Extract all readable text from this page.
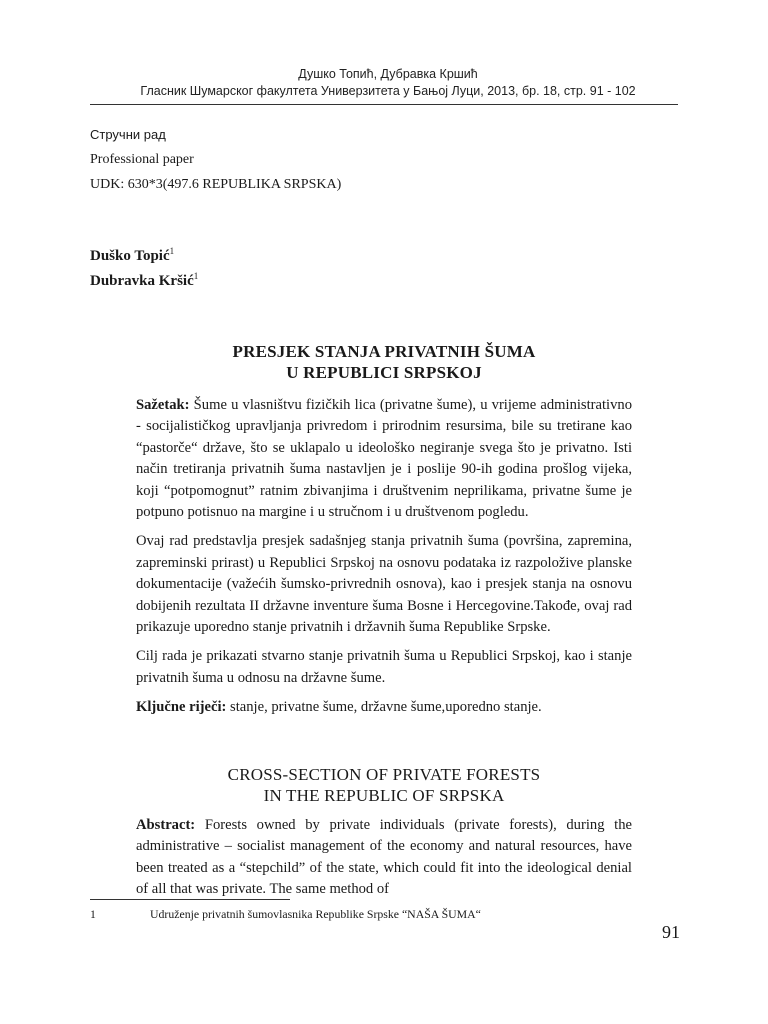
Душко Топић, Дубравка Кршић
Гласник Шумарског факултета Универзитета у Бањој Луци, 2013, бр. 18, стр. 91 - 102
Стручни рад
Professional paper
UDK: 630*3(497.6 REPUBLIKA SRPSKA)
Duško Topić$^1$
Dubravka Kršić$^1$
PRESJEK STANJA PRIVATNIH ŠUMA
U REPUBLICI SRPSKOJ

Sažetak: Šume u vlasništvu fizičkih lica (privatne šume), u vrijeme administrativno - socijalističkog upravljanja privredom i prirodnim resursima, bile su tretirane kao “pastorče“ države, što se uklapalo u ideološko negiranje svega što je privatno. Isti način tretiranja privatnih šuma nastavljen je i poslije 90-ih godina prošlog vijeka, koji “potpomognut” ratnim zbivanjima i društvenim neprilikama, privatne šume je potpuno potisnuo na margine i u stručnom i u društvenom pogledu.

Ovaj rad predstavlja presjek sadašnjeg stanja privatnih šuma (površina, zapremina, zapreminski prirast) u Republici Srpskoj na osnovu podataka iz razpoložive planske dokumentacije (važećih šumsko-privrednih osnova), kao i presjek stanja na osnovu dobijenih rezultata II državne inventure šuma Bosne i Hercegovine.Takođe, ovaj rad prikazuje uporedno stanje privatnih i državnih šuma Republike Srpske.

Cilj rada je prikazati stvarno stanje privatnih šuma u Republici Srpskoj, kao i stanje privatnih šuma u odnosu na državne šume.

Ključne riječi: stanje, privatne šume, državne šume,uporedno stanje.

CROSS-SECTION OF PRIVATE FORESTS
IN THE REPUBLIC OF SRPSKA

Abstract: Forests owned by private individuals (private forests), during the administrative – socialist management of the economy and natural resources, have been treated as a “stepchild” of the state, which could fit into the ideological denial of all that was private. The same method of

1	Udruženje privatnih šumovlasnika Republike Srpske “NAŠA ŠUMA“
91
